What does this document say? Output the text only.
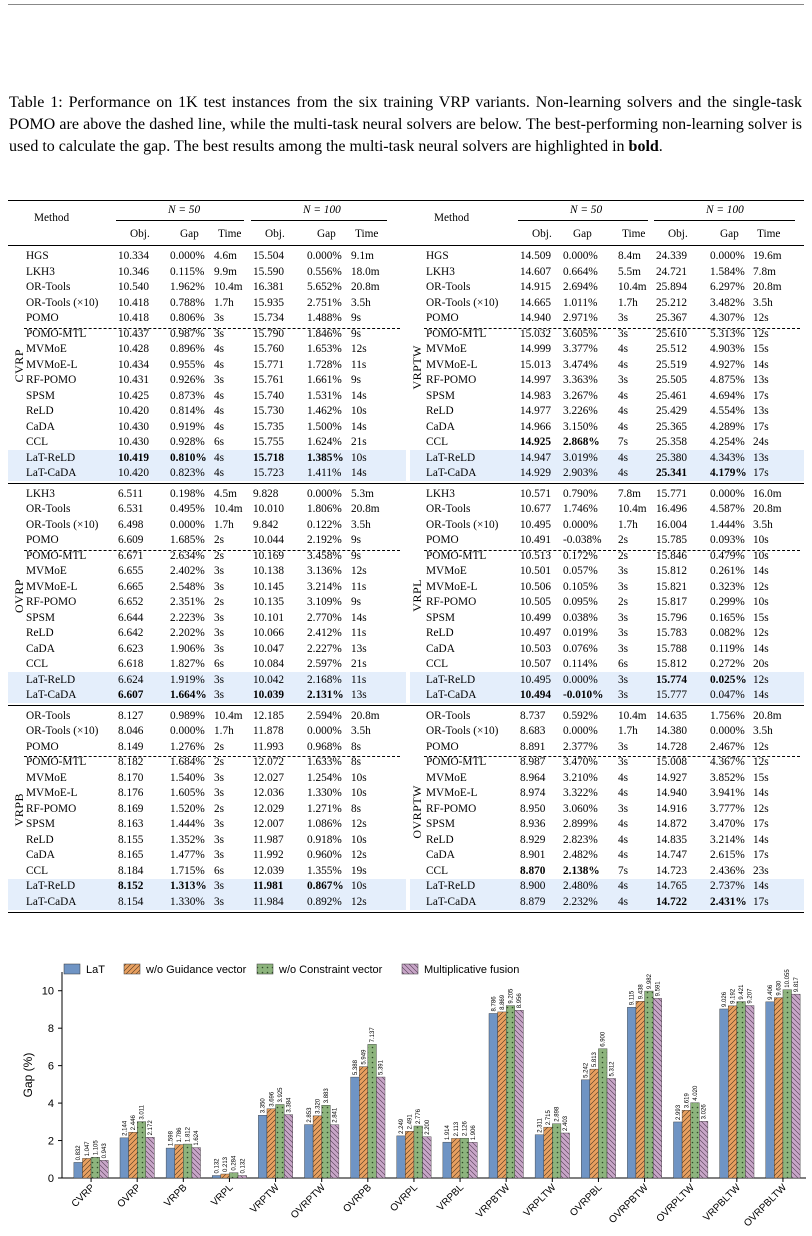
Table 1: Performance on 1K test instances from the six training VRP variants. Non-learning solvers and the single-task POMO are above the dashed line, while the multi-task neural solvers are below. The best-performing non-learning solver is used to calculate the gap. The best results among the multi-task neural solvers are highlighted in bold.
Method
N = 50	N = 100
Obj.	Gap Time Obj.	Gap Time
Method
N = 50	N = 100
Obj. Gap	Time Obj.	Gap Time
HGS	10.334 0.000% 4.6m 15.504 0.000% 9.1m
LKH3	10.346 0.115% 9.9m 15.590 0.556% 18.0m
OR-Tools	10.540 1.962% 10.4m 16.381 5.652% 20.8m
OR-Tools (×10) 10.418 0.788% 1.7h 15.935 2.751% 3.5h
POMO	10.418 0.806% 3s	15.734 1.488% 9s
POMO-MTL	10.437 0.987% 3s	15.790 1.846% 9s
MVMoE	10.428 0.896% 4s	15.760 1.653% 12s
MVMoE-L	10.434 0.955% 4s	15.771 1.728% 11s
RF-POMO	10.431 0.926% 3s	15.761 1.661% 9s
SPSM	10.425 0.873% 4s	15.740 1.531% 14s
ReLD	10.420 0.814% 4s	15.730 1.462% 10s
CaDA	10.430 0.919% 4s	15.735 1.500% 14s
CCL	10.430 0.928% 6s	15.755 1.624% 21s
LaT-ReLD	10.419 0.810% 4s	15.718 1.385% 10s
LaT-CaDA	10.420 0.823% 4s	15.723 1.411% 14s
CVRP
HGS	14.509 0.000% 8.4m 24.339 0.000% 19.6m
LKH3	14.607 0.664% 5.5m 24.721 1.584% 7.8m
OR-Tools	14.915 2.694% 10.4m 25.894 6.297% 20.8m
OR-Tools (×10) 14.665 1.011% 1.7h 25.212 3.482% 3.5h
POMO	14.940 2.971% 3s 25.367 4.307% 12s
POMO-MTL	15.032 3.605% 3s 25.610 5.313% 12s
MVMoE	14.999 3.377% 4s 25.512 4.903% 15s
MVMoE-L	15.013 3.474% 4s 25.519 4.927% 14s
RF-POMO	14.997 3.363% 3s 25.505 4.875% 13s
SPSM	14.983 3.267% 4s 25.461 4.694% 17s
ReLD	14.977 3.226% 4s 25.429 4.554% 13s
CaDA	14.966 3.150% 4s 25.365 4.289% 17s
CCL	14.925 2.868% 7s 25.358 4.254% 24s
LaT-ReLD	14.947 3.019% 4s 25.380 4.343% 13s
LaT-CaDA	14.929 2.903% 4s 25.341 4.179% 17s
VRPTW
LKH3	6.511 0.198% 4.5m 9.828	0.000% 5.3m
OR-Tools	6.531 0.495% 10.4m 10.010 1.806% 20.8m
OR-Tools (×10) 6.498 0.000% 1.7h 9.842	0.122% 3.5h
POMO	6.609 1.685% 2s	10.044 2.192% 9s
POMO-MTL	6.671 2.634% 2s	10.169 3.458% 9s
MVMoE	6.655 2.402% 3s	10.138 3.136% 12s
MVMoE-L	6.665 2.548% 3s	10.145 3.214% 11s
RF-POMO	6.652 2.351% 2s	10.135 3.109% 9s
SPSM	6.644 2.223% 3s	10.101 2.770% 14s
ReLD	6.642 2.202% 3s	10.066 2.412% 11s
CaDA	6.623 1.906% 3s	10.047 2.227% 13s
CCL	6.618 1.827% 6s	10.084 2.597% 21s
LaT-ReLD	6.624 1.919% 3s	10.042 2.168% 11s
LaT-CaDA	6.607 1.664% 3s	10.039 2.131% 13s
OVRP
LKH3	10.571 0.790% 7.8m 15.771 0.000% 16.0m
OR-Tools	10.677 1.746% 10.4m 16.496 4.587% 20.8m
OR-Tools (×10) 10.495 0.000% 1.7h 16.004 1.444% 3.5h
POMO	10.491 -0.038% 2s 15.785 0.093% 10s
POMO-MTL	10.513 0.172% 2s 15.846 0.479% 10s
MVMoE	10.501 0.057% 3s 15.812 0.261% 14s
MVMoE-L	10.506 0.105% 3s 15.821 0.323% 12s
RF-POMO	10.505 0.095% 2s 15.817 0.299% 10s
SPSM	10.499 0.038% 3s 15.796 0.165% 15s
ReLD	10.497 0.019% 3s 15.783 0.082% 12s
CaDA	10.503 0.076% 3s 15.788 0.119% 14s
CCL	10.507 0.114% 6s 15.812 0.272% 20s
LaT-ReLD	10.495 0.000% 3s 15.774 0.025% 12s
LaT-CaDA	10.494 -0.010% 3s 15.777 0.047% 14s
VRPL
OR-Tools	8.127 0.989% 10.4m 12.185 2.594% 20.8m
OR-Tools (×10) 8.046 0.000% 1.7h 11.878 0.000% 3.5h
POMO	8.149 1.276% 2s	11.993 0.968% 8s
POMO-MTL	8.182 1.684% 2s	12.072 1.633% 8s
MVMoE	8.170 1.540% 3s	12.027 1.254% 10s
MVMoE-L	8.176 1.605% 3s	12.036 1.330% 10s
RF-POMO	8.169 1.520% 2s	12.029 1.271% 8s
SPSM	8.163 1.444% 3s	12.007 1.086% 12s
ReLD	8.155 1.352% 3s	11.987 0.918% 10s
CaDA	8.165 1.477% 3s	11.992 0.960% 12s
CCL	8.184 1.715% 6s	12.039 1.355% 19s
LaT-ReLD	8.152 1.313% 3s	11.981 0.867% 10s
LaT-CaDA	8.154 1.330% 3s	11.984 0.892% 12s
VRPB
OR-Tools	8.737 0.592% 10.4m 14.635 1.756% 20.8m
OR-Tools (×10) 8.683 0.000% 1.7h 14.380 0.000% 3.5h
POMO	8.891 2.377% 3s 14.728 2.467% 12s
POMO-MTL	8.987 3.470% 3s 15.008 4.367% 12s
MVMoE	8.964 3.210% 4s 14.927 3.852% 15s
MVMoE-L	8.974 3.322% 4s 14.940 3.941% 14s
RF-POMO	8.950 3.060% 3s 14.916 3.777% 12s
SPSM	8.936 2.899% 4s 14.872 3.470% 17s
ReLD	8.929 2.823% 4s 14.835 3.214% 14s
CaDA	8.901 2.482% 4s 14.747 2.615% 17s
CCL	8.870 2.138% 7s 14.723 2.436% 23s
LaT-ReLD	8.900 2.480% 4s 14.765 2.737% 14s
LaT-CaDA	8.879 2.232% 4s 14.722 2.431% 17s
OVRPTW
0
2
4
6
8
10
Gap (%)
0.832 1.047 1.105 0.943
CVRP
2.144 2.446
3.011
2.172
OVRP
1.598 1.786 1.812 1.624
VRPB
0.132 0.213 0.284 0.132
VRPL
3.350 3.696 3.925
3.384
VRPTW
2.853
3.320
3.883
2.841
OVRPTW
5.388
5.949
7.137
5.391
OVRPB
2.249 2.491 2.776
2.200
OVRPL
1.914 2.113 2.126 1.906
VRPBL
8.786 8.869 9.205 8.956
VRPBTW
2.311
2.715 2.898
2.403
VRPLTW
5.242
5.813
6.900
5.312
OVRPBL
9.115 9.438
9.982 9.591
OVRPBTW
2.993
3.619
4.020
3.026
OVRPLTW
9.026 9.192 9.421 9.207
VRPBLTW
9.406 9.630
10.055 9.817
OVRPBLTW
LaT	w/o Guidance vector	w/o Constraint vector	Multiplicative fusion
